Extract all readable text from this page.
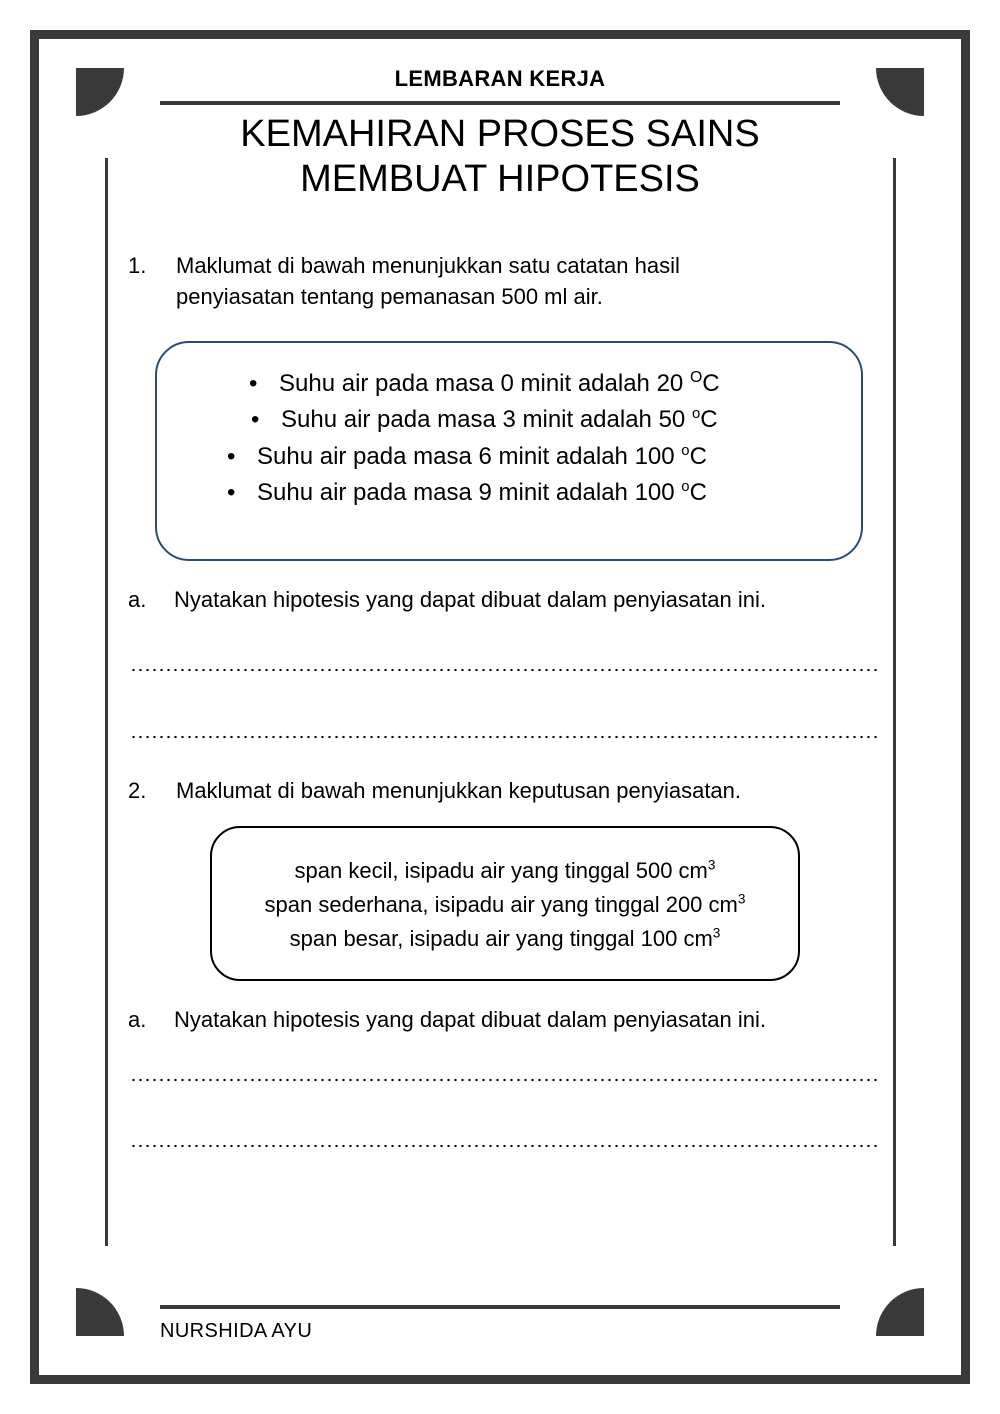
LEMBARAN KERJA
KEMAHIRAN PROSES SAINS
MEMBUAT HIPOTESIS
1.	Maklumat di bawah menunjukkan satu catatan hasil penyiasatan tentang pemanasan 500 ml air.
• Suhu air pada masa 0 minit adalah 20 $^O$C
• Suhu air pada masa 3 minit adalah 50 $^o$C
• Suhu air pada masa 6 minit adalah 100 $^o$C
• Suhu air pada masa 9 minit adalah 100 $^o$C
a.	Nyatakan hipotesis yang dapat dibuat dalam penyiasatan ini.
2.	Maklumat di bawah menunjukkan keputusan penyiasatan.
span kecil, isipadu air yang tinggal 500 $cm^3$
span sederhana, isipadu air yang tinggal 200 $cm^3$
span besar, isipadu air yang tinggal 100 $cm^3$
a.	Nyatakan hipotesis yang dapat dibuat dalam penyiasatan ini.
NURSHIDA AYU
